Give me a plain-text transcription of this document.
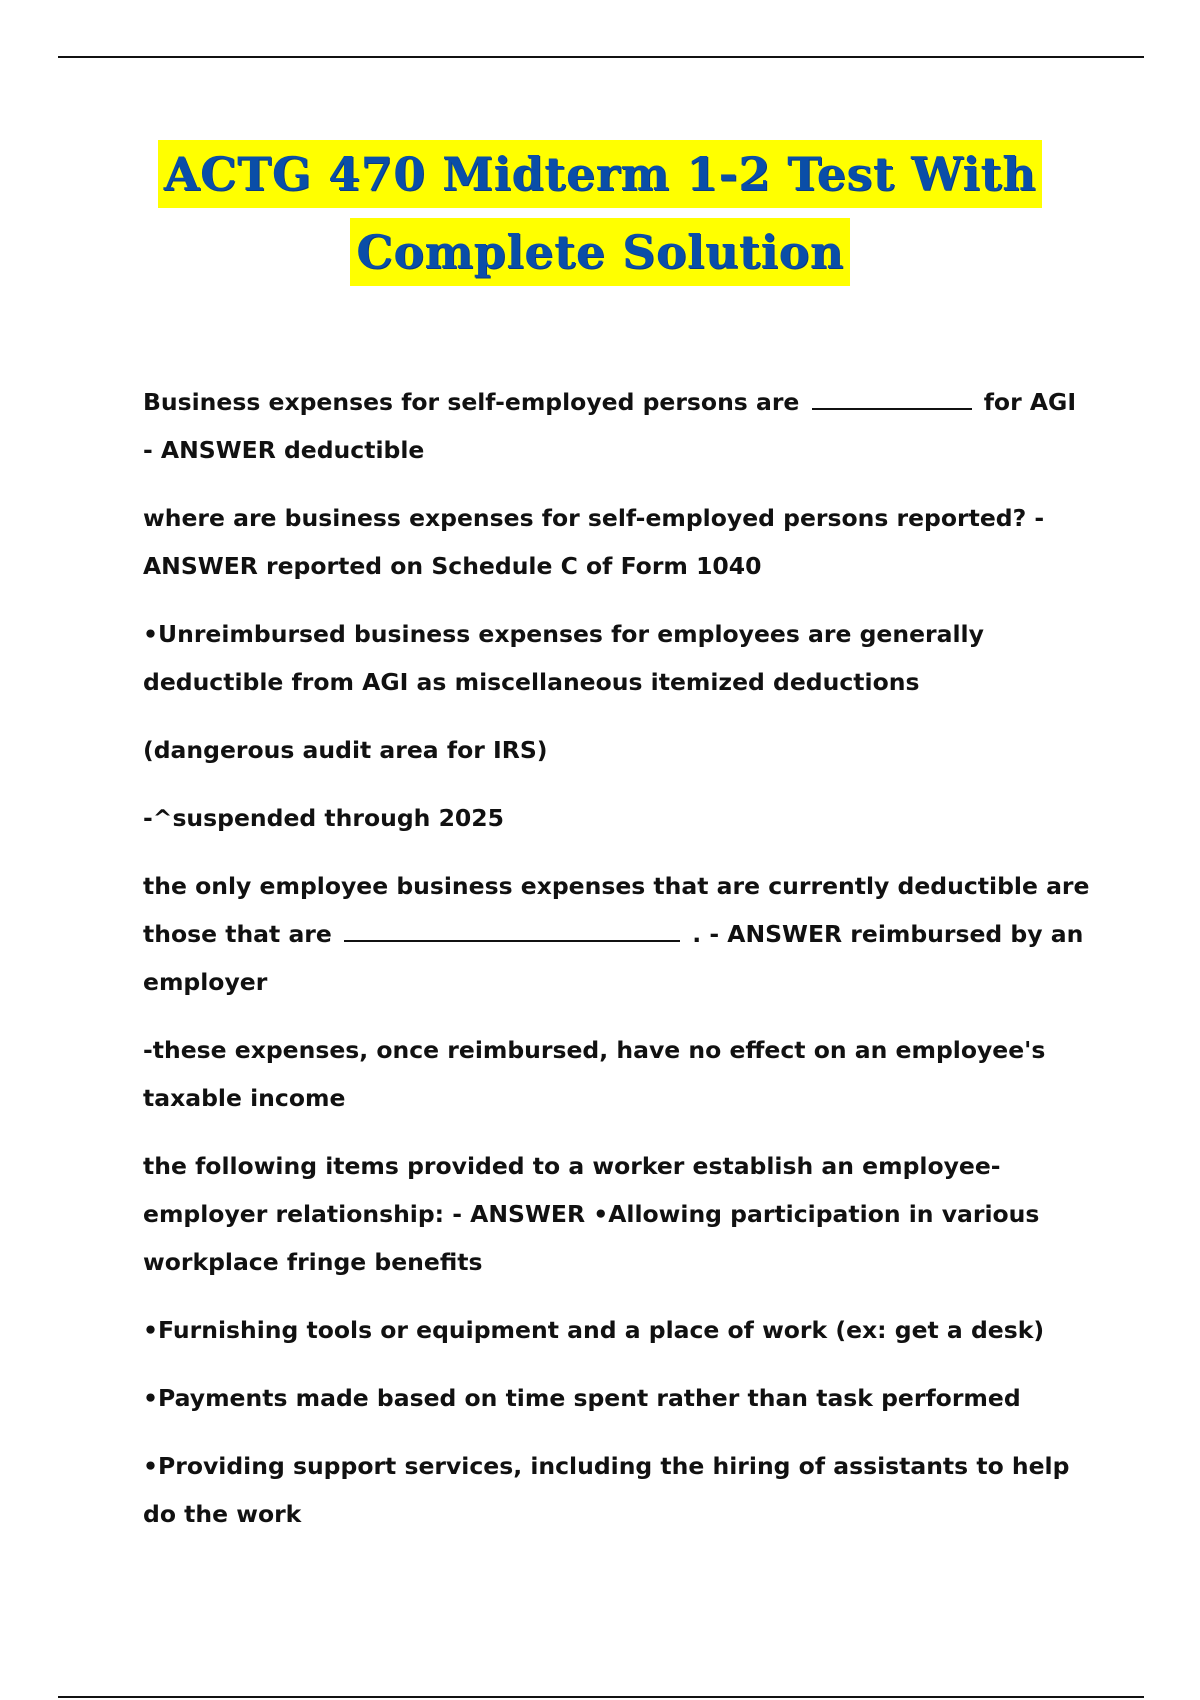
ACTG 470 Midterm 1-2 Test With
Complete Solution

Business expenses for self-employed persons are	for AGI - ANSWER deductible

where are business expenses for self-employed persons reported? - ANSWER reported on Schedule C of Form 1040

•Unreimbursed business expenses for employees are generally deductible from AGI as miscellaneous itemized deductions

(dangerous audit area for IRS)

-^suspended through 2025

the only employee business expenses that are currently deductible are those that are	. - ANSWER reimbursed by an employer

-these expenses, once reimbursed, have no effect on an employee's taxable income

the following items provided to a worker establish an employee-employer relationship: - ANSWER •Allowing participation in various workplace fringe benefits

•Furnishing tools or equipment and a place of work (ex: get a desk)

•Payments made based on time spent rather than task performed

•Providing support services, including the hiring of assistants to help do the work
